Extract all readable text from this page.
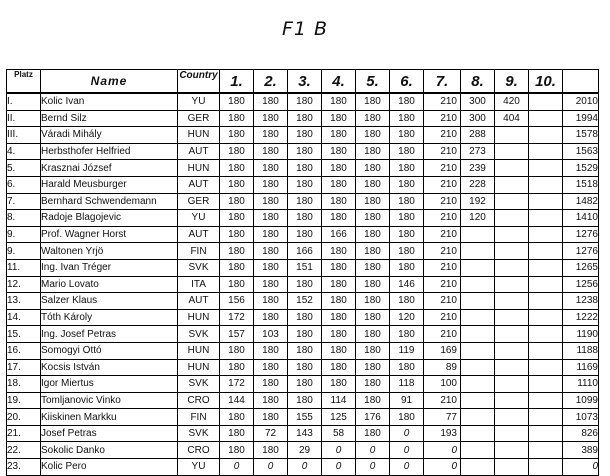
F1 B
Platz	Name	Country	1.	2.	3.	4.	5.	6.	7.	8.	9.	10.	
I.	Kolic Ivan	YU	180	180	180	180	180	180	210	300	420		2010
II.	Bernd Silz	GER	180	180	180	180	180	180	210	300	404		1994
III.	Váradi Mihály	HUN	180	180	180	180	180	180	210	288			1578
4.	Herbsthofer Helfried	AUT	180	180	180	180	180	180	210	273			1563
5.	Krasznai József	HUN	180	180	180	180	180	180	210	239			1529
6.	Harald Meusburger	AUT	180	180	180	180	180	180	210	228			1518
7.	Bernhard Schwendemann	GER	180	180	180	180	180	180	210	192			1482
8.	Radoje Blagojevic	YU	180	180	180	180	180	180	210	120			1410
9.	Prof. Wagner Horst	AUT	180	180	180	166	180	180	210				1276
9.	Waltonen Yrjö	FIN	180	180	166	180	180	180	210				1276
11.	Ing. Ivan Tréger	SVK	180	180	151	180	180	180	210				1265
12.	Mario Lovato	ITA	180	180	180	180	180	146	210				1256
13.	Salzer Klaus	AUT	156	180	152	180	180	180	210				1238
14.	Tóth Károly	HUN	172	180	180	180	180	120	210				1222
15.	Ing. Josef Petras	SVK	157	103	180	180	180	180	210				1190
16.	Somogyi Ottó	HUN	180	180	180	180	180	119	169				1188
17.	Kocsis István	HUN	180	180	180	180	180	180	89				1169
18.	Igor Miertus	SVK	172	180	180	180	180	118	100				1110
19.	Tomljanovic Vinko	CRO	144	180	180	114	180	91	210				1099
20.	Kiiskinen Markku	FIN	180	180	155	125	176	180	77				1073
21.	Josef Petras	SVK	180	72	143	58	180	0	193				826
22.	Sokolic Danko	CRO	180	180	29	0	0	0	0				389
23.	Kolic Pero	YU	0	0	0	0	0	0	0				0
